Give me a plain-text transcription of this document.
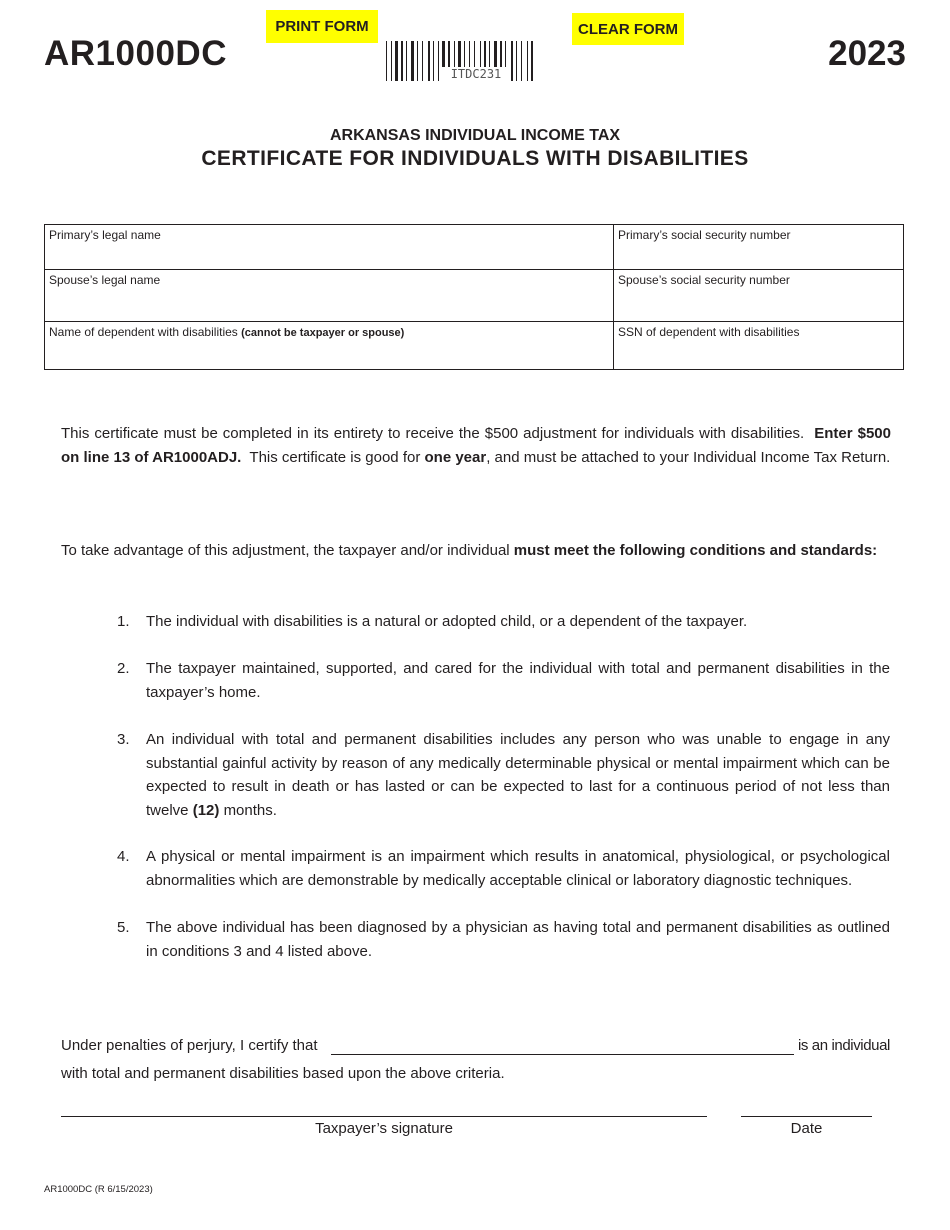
AR1000DC
PRINT FORM	CLEAR FORM
ITDC231
2023
ARKANSAS INDIVIDUAL INCOME TAX
CERTIFICATE FOR INDIVIDUALS WITH DISABILITIES
Primary’s legal name	Primary’s social security number
Spouse’s legal name	Spouse’s social security number
Name of dependent with disabilities (cannot be taxpayer or spouse)	SSN of dependent with disabilities
This certificate must be completed in its entirety to receive the $500 adjustment for individuals with disabilities. Enter $500 on line 13 of AR1000ADJ. This certificate is good for one year, and must be attached to your Individual Income Tax Return.
To take advantage of this adjustment, the taxpayer and/or individual must meet the following conditions and standards:
1. The individual with disabilities is a natural or adopted child, or a dependent of the taxpayer.
2. The taxpayer maintained, supported, and cared for the individual with total and permanent disabilities in the taxpayer’s home.
3. An individual with total and permanent disabilities includes any person who was unable to engage in any substantial gainful activity by reason of any medically determinable physical or mental impairment which can be expected to result in death or has lasted or can be expected to last for a continuous period of not less than twelve (12) months.
4. A physical or mental impairment is an impairment which results in anatomical, physiological, or psychological abnormalities which are demonstrable by medically acceptable clinical or laboratory diagnostic techniques.
5. The above individual has been diagnosed by a physician as having total and permanent disabilities as outlined in conditions 3 and 4 listed above.
Under penalties of perjury, I certify that	is an individual
with total and permanent disabilities based upon the above criteria.
Taxpayer’s signature	Date
AR1000DC (R 6/15/2023)
